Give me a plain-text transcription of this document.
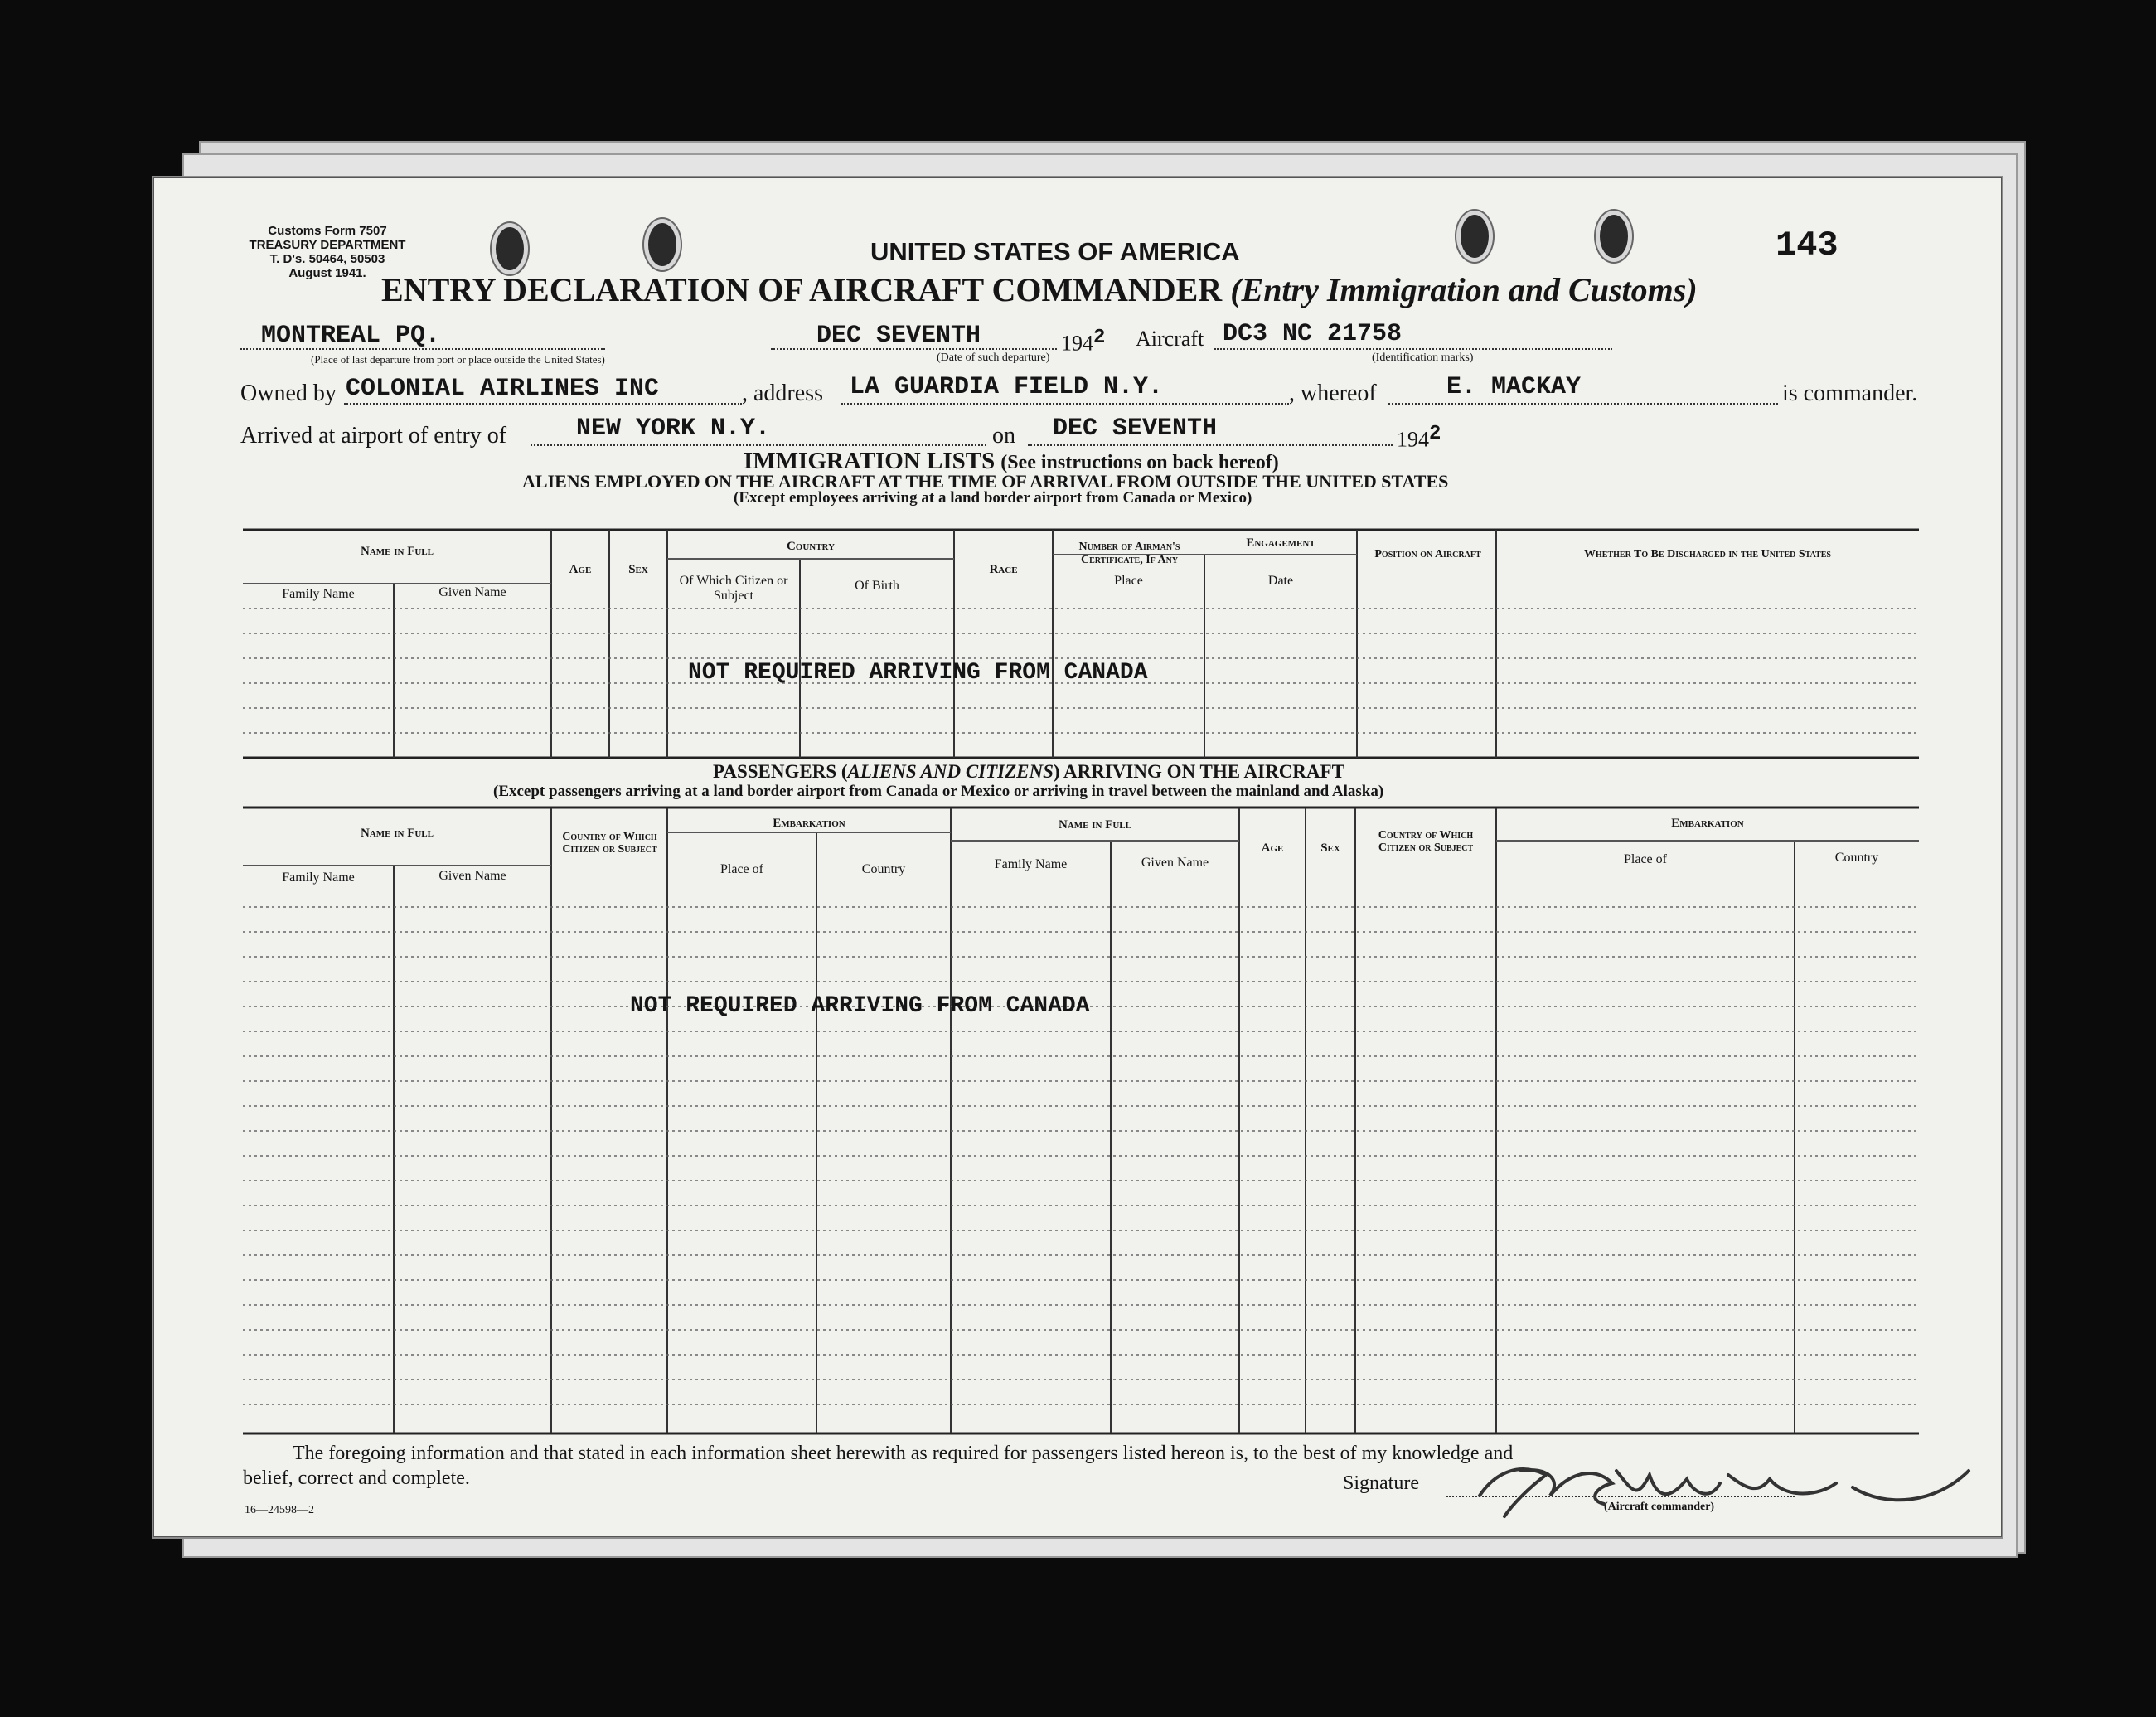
Customs Form 7507
TREASURY DEPARTMENT
T. D's. 50464, 50503
August 1941.
143
UNITED STATES OF AMERICA
ENTRY DECLARATION OF AIRCRAFT COMMANDER (Entry Immigration and Customs)
MONTREAL PQ.
(Place of last departure from port or place outside the United States)
DEC SEVENTH
(Date of such departure)
$194^2$ Aircraft DC3 NC 21758
(Identification marks)
Owned by COLONIAL AIRLINES INC	, address LA GUARDIA FIELD N.Y.	, whereof	E. MACKAY	is commander.
Arrived at airport of entry of	NEW YORK N.Y.	on DEC SEVENTH	$194^2$
IMMIGRATION LISTS (See instructions on back hereof)
ALIENS EMPLOYED ON THE AIRCRAFT AT THE TIME OF ARRIVAL FROM OUTSIDE THE UNITED STATES
(Except employees arriving at a land border airport from Canada or Mexico)
Name in Full
Family Name	Given Name
Age	Sex
Country
Of Which Citizen or Subject
Of Birth
Race
Number of Airman's Certificate, If Any
Engagement
Place	Date
Position on Aircraft	Whether To Be Discharged in the United States
NOT REQUIRED ARRIVING FROM CANADA
PASSENGERS (ALIENS AND CITIZENS) ARRIVING ON THE AIRCRAFT
(Except passengers arriving at a land border airport from Canada or Mexico or arriving in travel between the mainland and Alaska)
Name in Full
Family Name	Given Name
Country of Which Citizen or Subject
Embarkation
Place of	Country
Name in Full
Family Name	Given Name
Age	Sex
Country of Which Citizen or Subject
Embarkation
Place of	Country
NOT REQUIRED ARRIVING FROM CANADA
The foregoing information and that stated in each information sheet herewith as required for passengers listed hereon is, to the best of my knowledge and
belief, correct and complete.	Signature
(Aircraft commander)
16—24598—2
